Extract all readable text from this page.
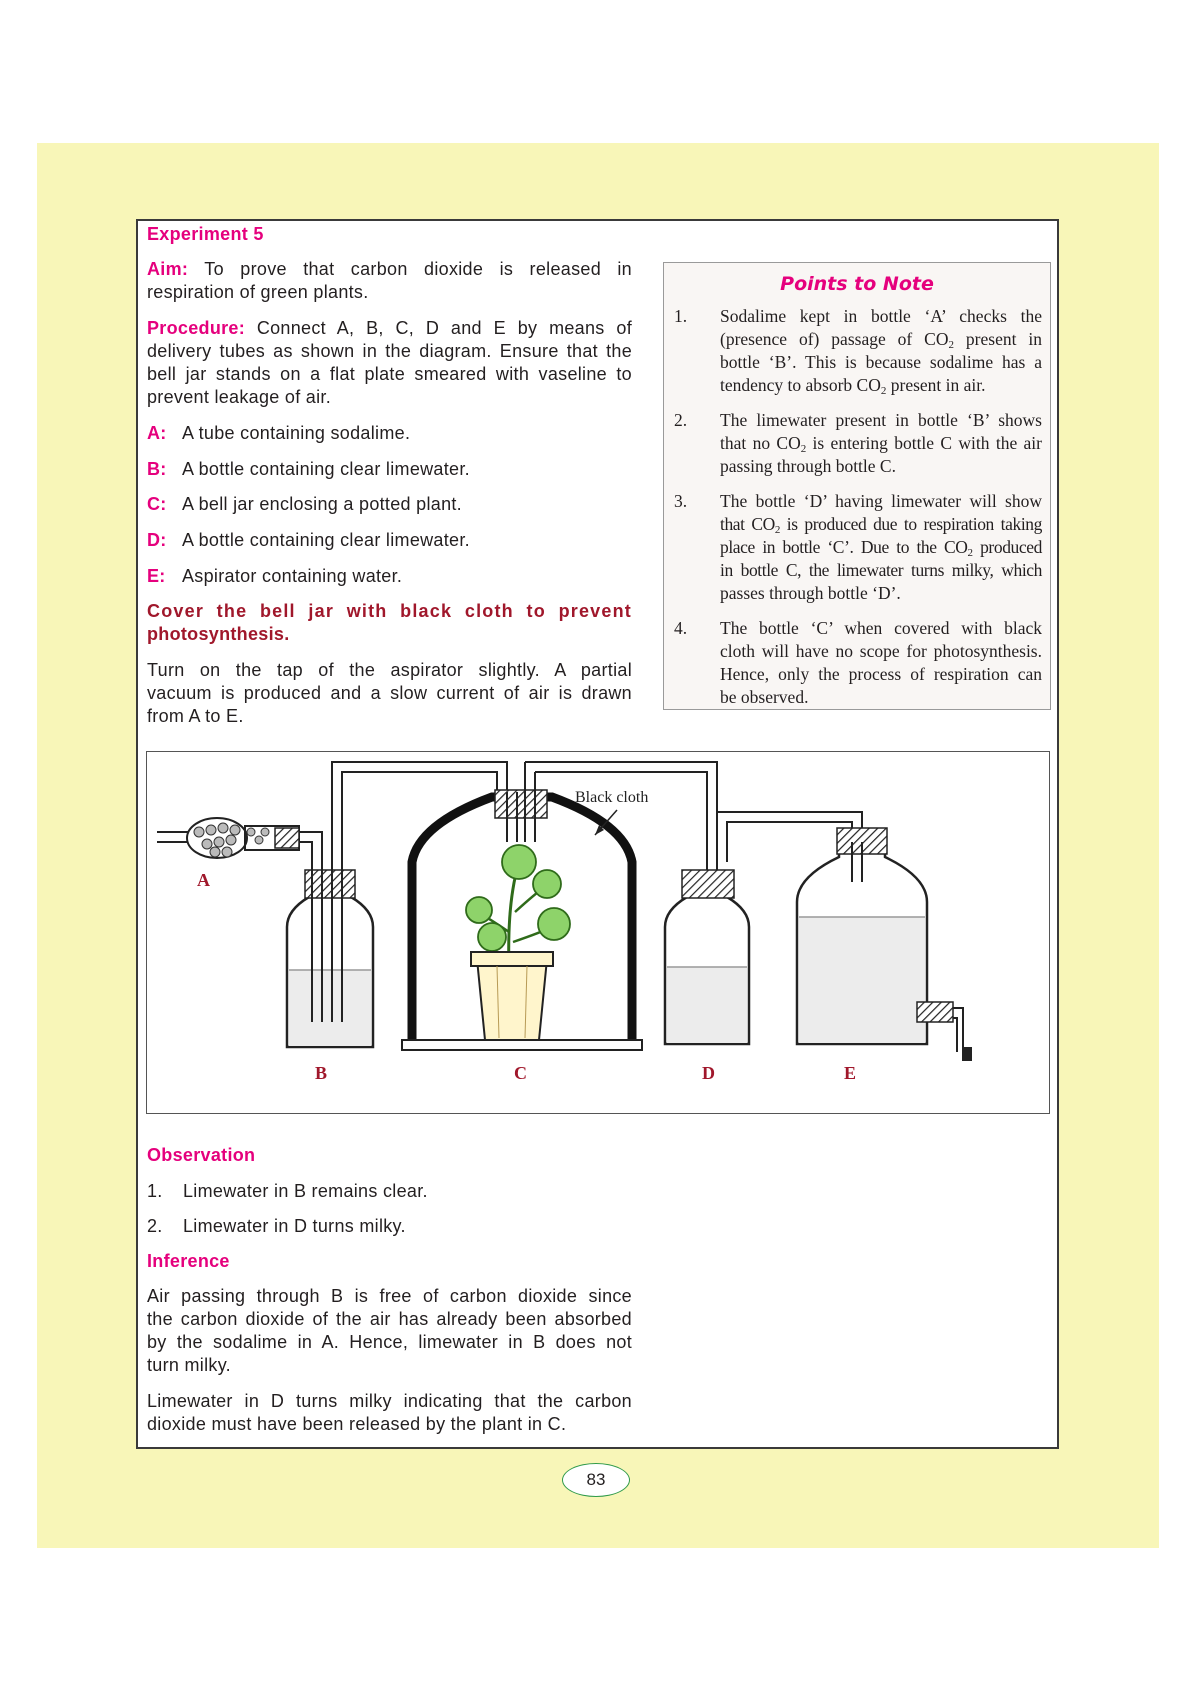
Experiment 5
Aim: To prove that carbon dioxide is released in
respiration of green plants.
Procedure: Connect A, B, C, D and E by means of
delivery tubes as shown in the diagram. Ensure that the
bell jar stands on a flat plate smeared with vaseline to
prevent leakage of air.
A: A tube containing sodalime.
B: A bottle containing clear limewater.
C: A bell jar enclosing a potted plant.
D: A bottle containing clear limewater.
E: Aspirator containing water.
Cover the bell jar with black cloth to prevent
photosynthesis.
Turn on the tap of the aspirator slightly. A partial
vacuum is produced and a slow current of air is drawn
from A to E.
Points to Note
1. Sodalime kept in bottle ‘A’ checks the
(presence of) passage of $CO_2$ present in
bottle ‘B’. This is because sodalime has a
tendency to absorb $CO_2$ present in air.
2. The limewater present in bottle ‘B’ shows
that no $CO_2$ is entering bottle C with the air
passing through bottle C.
3. The bottle ‘D’ having limewater will show
that $CO_2$ is produced due to respiration taking
place in bottle ‘C’. Due to the $CO_2$ produced
in bottle C, the limewater turns milky, which
passes through bottle ‘D’.
4. The bottle ‘C’ when covered with black
cloth will have no scope for photosynthesis.
Hence, only the process of respiration can
be observed.
Black cloth
A
B	C	D	E
Observation
1. Limewater in B remains clear.
2. Limewater in D turns milky.
Inference
Air passing through B is free of carbon dioxide since
the carbon dioxide of the air has already been absorbed
by the sodalime in A. Hence, limewater in B does not
turn milky.
Limewater in D turns milky indicating that the carbon
dioxide must have been released by the plant in C.
83
